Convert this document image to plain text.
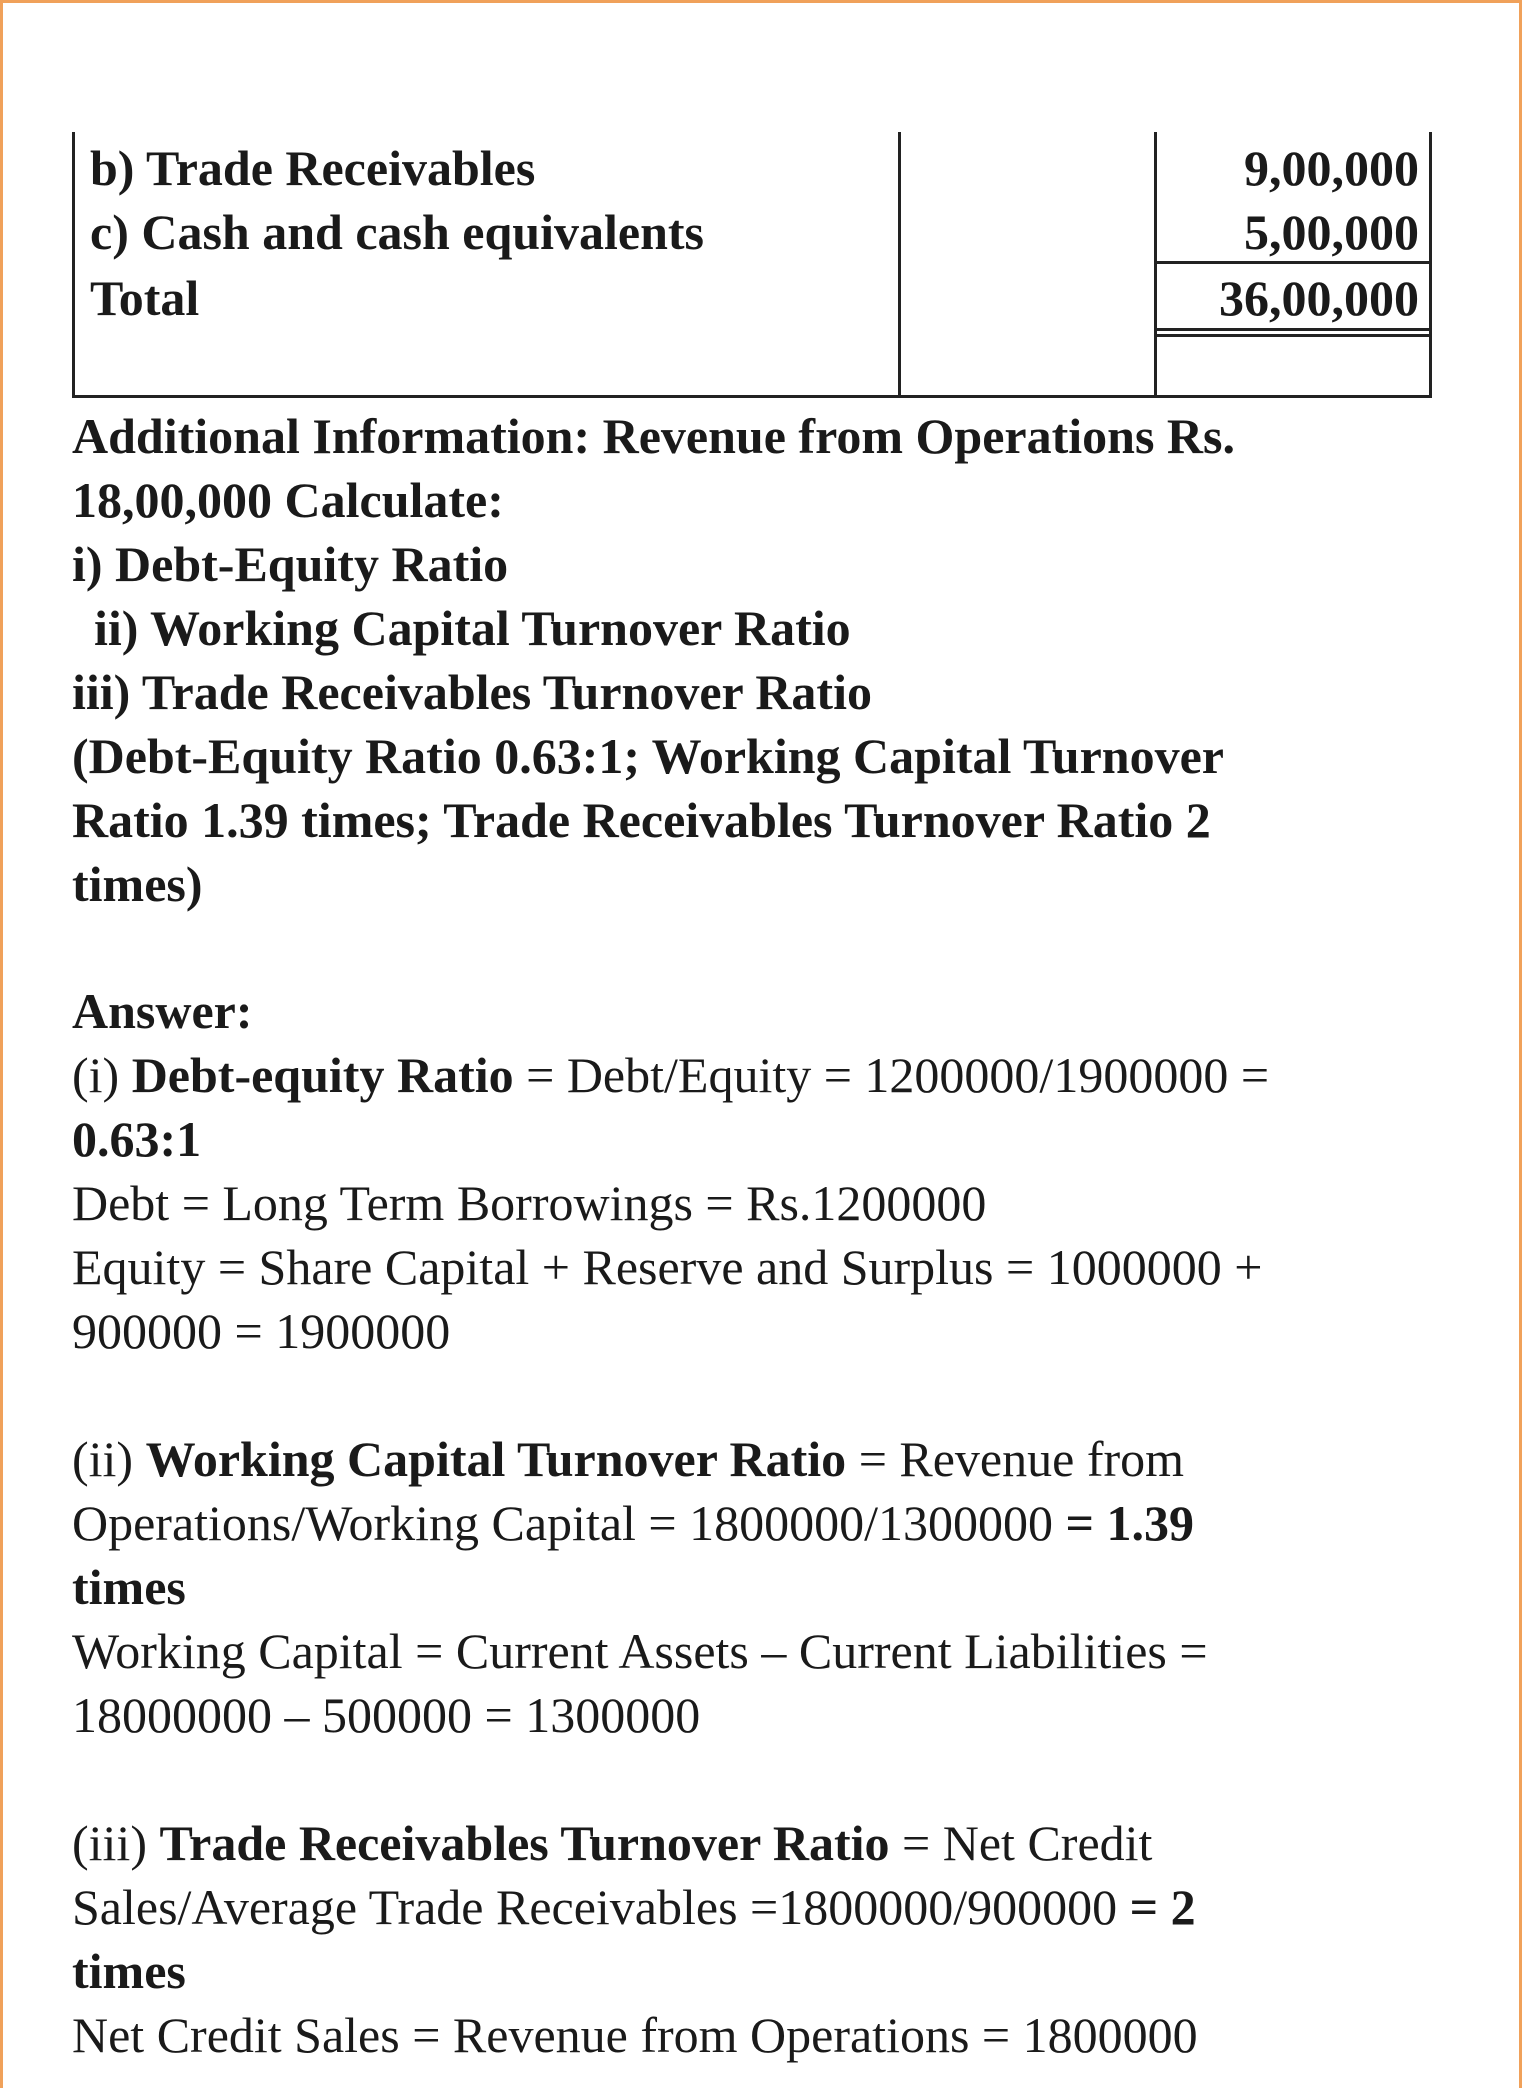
b) Trade Receivables	9,00,000
c) Cash and cash equivalents	5,00,000
Total	36,00,000
Additional Information: Revenue from Operations Rs.
18,00,000 Calculate:
i) Debt-Equity Ratio
ii) Working Capital Turnover Ratio
iii) Trade Receivables Turnover Ratio
(Debt-Equity Ratio 0.63:1; Working Capital Turnover
Ratio 1.39 times; Trade Receivables Turnover Ratio 2
times)
Answer:
(i) Debt-equity Ratio = Debt/Equity = 1200000/1900000 =
0.63:1
Debt = Long Term Borrowings = Rs.1200000
Equity = Share Capital + Reserve and Surplus = 1000000 +
900000 = 1900000
(ii) Working Capital Turnover Ratio = Revenue from
Operations/Working Capital = 1800000/1300000 = 1.39
times
Working Capital = Current Assets – Current Liabilities =
18000000 – 500000 = 1300000
(iii) Trade Receivables Turnover Ratio = Net Credit
Sales/Average Trade Receivables =1800000/900000 = 2
times
Net Credit Sales = Revenue from Operations = 1800000
